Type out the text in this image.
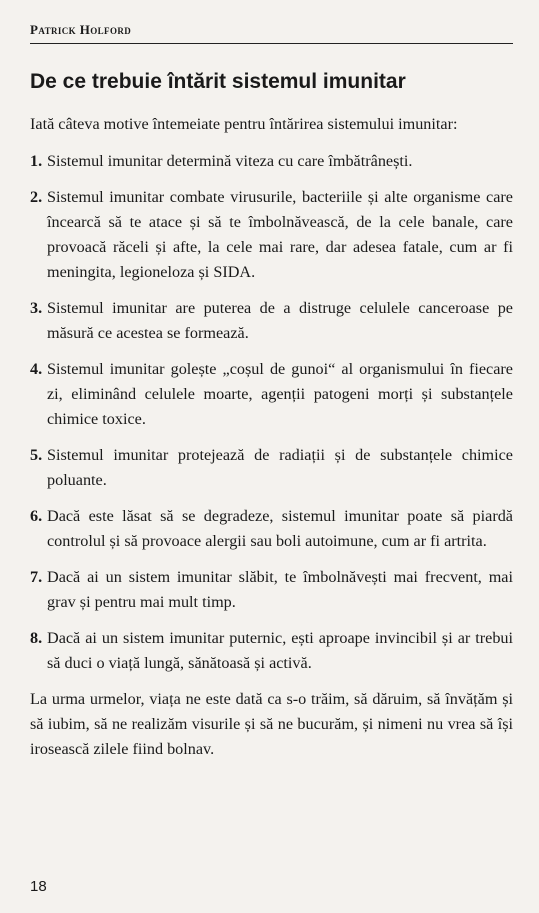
Patrick Holford
De ce trebuie întărit sistemul imunitar

Iată câteva motive întemeiate pentru întărirea sistemului imunitar:

1. Sistemul imunitar determină viteza cu care îmbătrânești.
2. Sistemul imunitar combate virusurile, bacteriile și alte organisme care încearcă să te atace și să te îmbolnăvească, de la cele banale, care provoacă răceli și afte, la cele mai rare, dar adesea fatale, cum ar fi meningita, legioneloza și SIDA.
3. Sistemul imunitar are puterea de a distruge celulele canceroase pe măsură ce acestea se formează.
4. Sistemul imunitar golește „coșul de gunoi“ al organismului în fiecare zi, eliminând celulele moarte, agenții patogeni morți și substanțele chimice toxice.
5. Sistemul imunitar protejează de radiații și de substanțele chimice poluante.
6. Dacă este lăsat să se degradeze, sistemul imunitar poate să piardă controlul și să provoace alergii sau boli autoimune, cum ar fi artrita.
7. Dacă ai un sistem imunitar slăbit, te îmbolnăvești mai frecvent, mai grav și pentru mai mult timp.
8. Dacă ai un sistem imunitar puternic, ești aproape invincibil și ar trebui să duci o viață lungă, sănătoasă și activă.

La urma urmelor, viața ne este dată ca s-o trăim, să dăruim, să învățăm și să iubim, să ne realizăm visurile și să ne bucurăm, și nimeni nu vrea să își irosească zilele fiind bolnav.

18
